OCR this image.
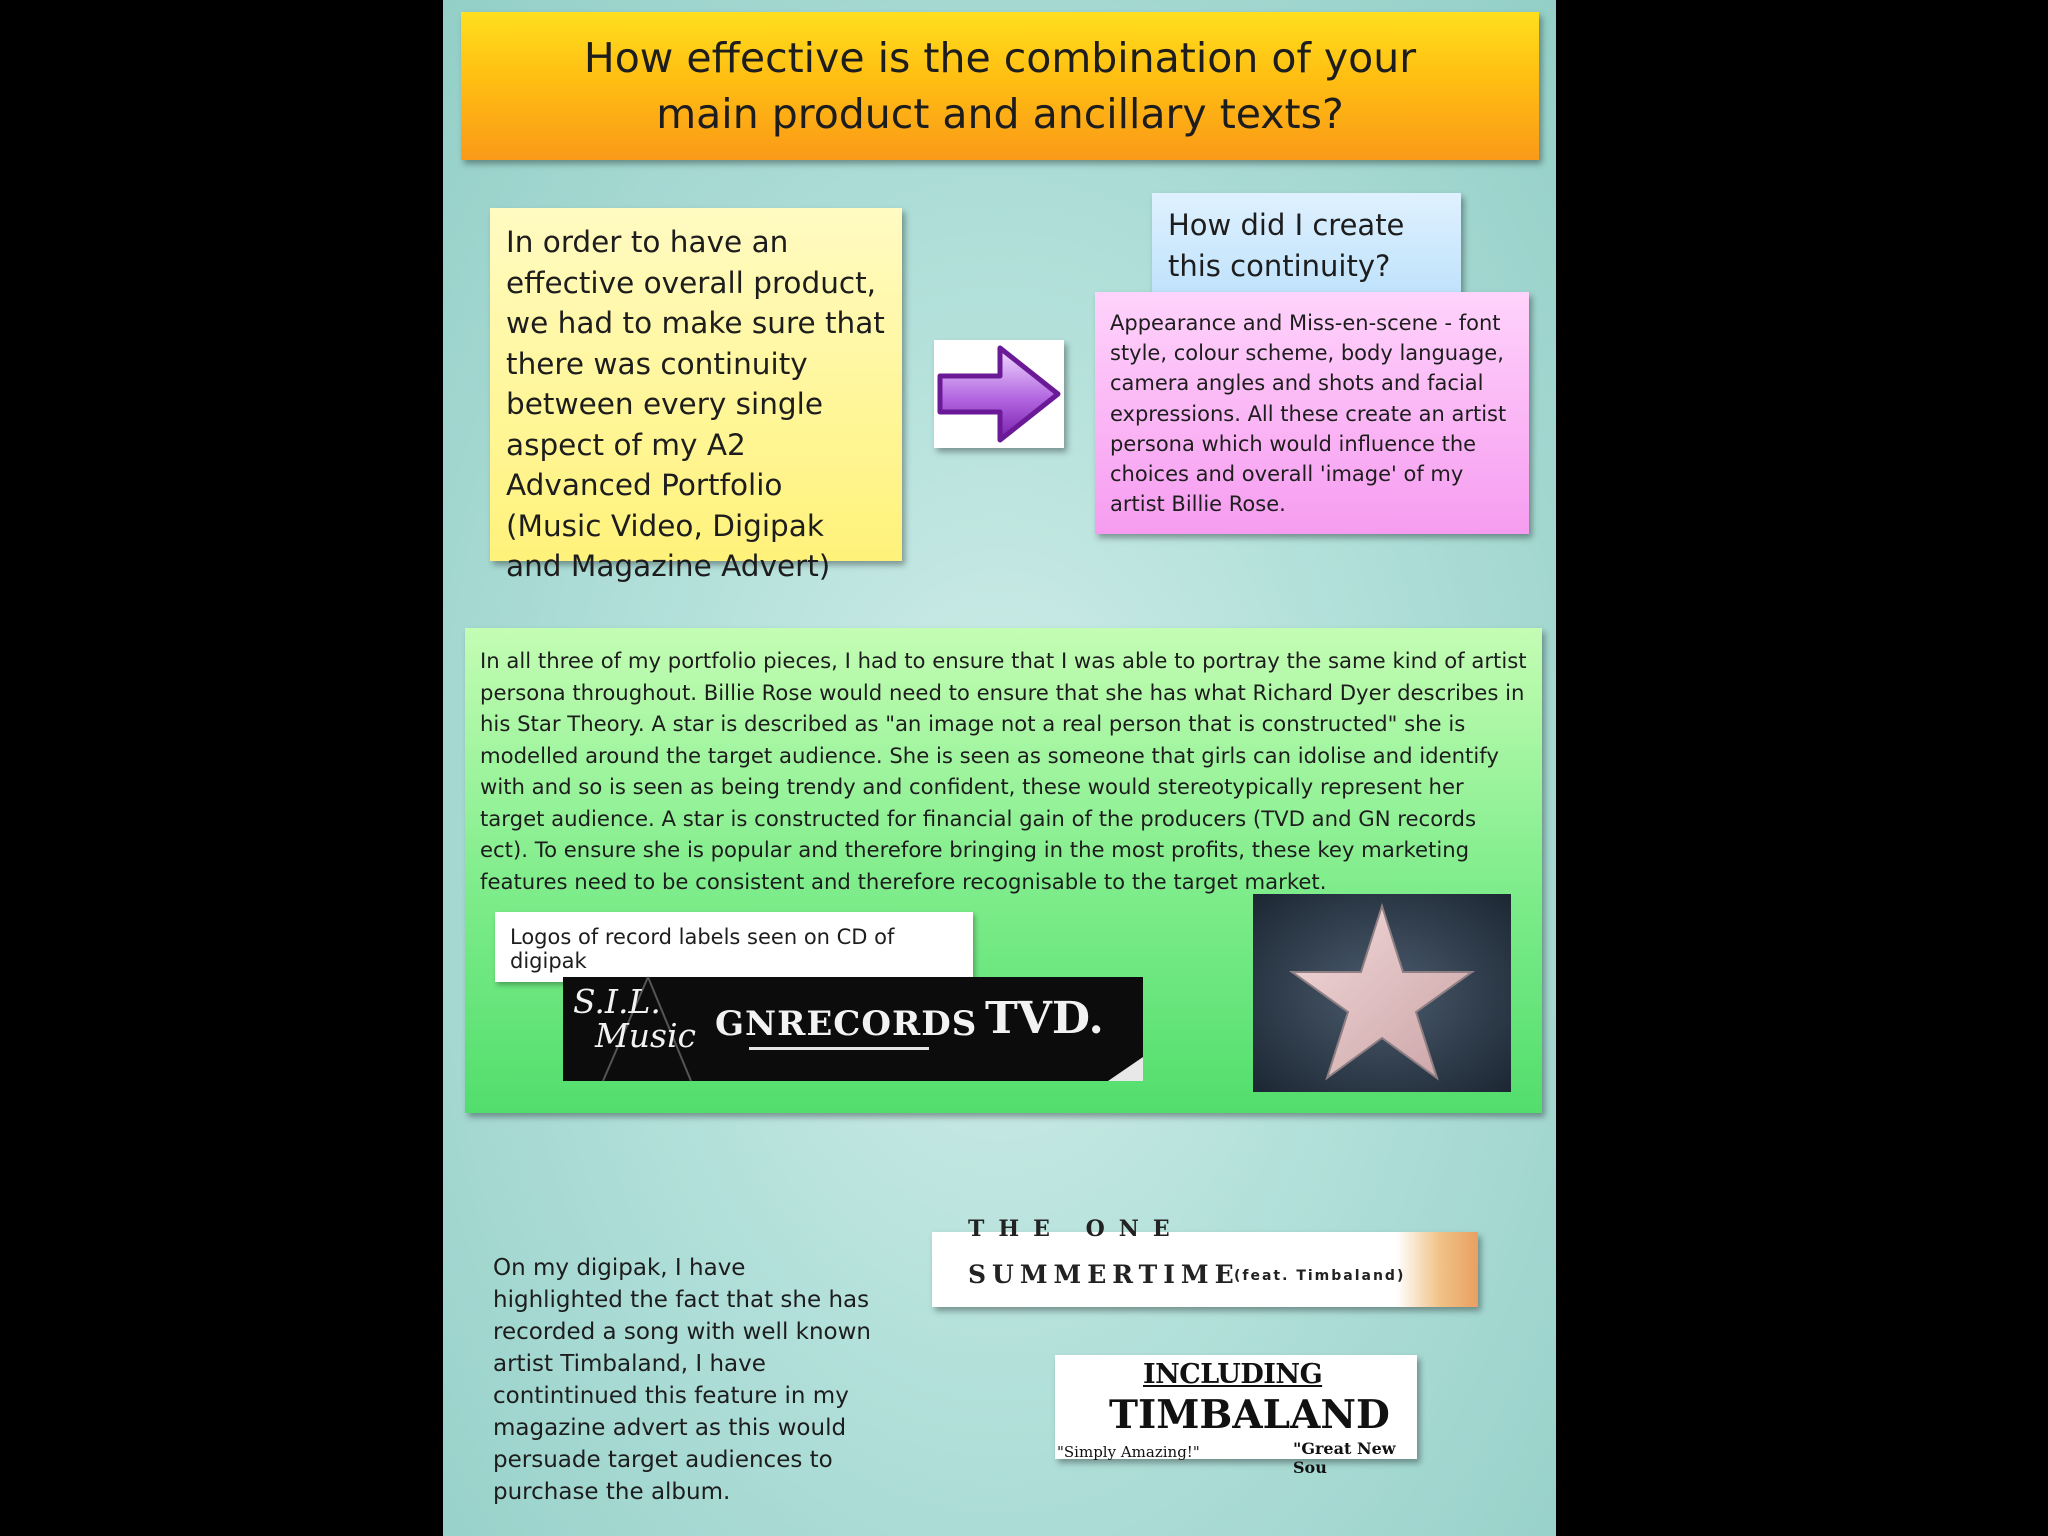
How effective is the combination of your
main product and ancillary texts?

In order to have an effective overall product, we had to make sure that there was continuity between every single aspect of my A2 Advanced Portfolio (Music Video, Digipak and Magazine Advert)

How did I create this continuity?

Appearance and Miss-en-scene - font style, colour scheme, body language, camera angles and shots and facial expressions. All these create an artist persona which would influence the choices and overall 'image' of my artist Billie Rose.

In all three of my portfolio pieces, I had to ensure that I was able to portray the same kind of artist persona throughout. Billie Rose would need to ensure that she has what Richard Dyer describes in his Star Theory. A star is described as "an image not a real person that is constructed" she is modelled around the target audience. She is seen as someone that girls can idolise and identify with and so is seen as being trendy and confident, these would stereotypically represent her target audience. A star is constructed for financial gain of the producers (TVD and GN records ect). To ensure she is popular and therefore bringing in the most profits, these key marketing features need to be consistent and therefore recognisable to the target market.

Logos of record labels seen on CD of digipak
S.I.L.
Music GNRECORDS TVD.

On my digipak, I have highlighted the fact that she has recorded a song with well known artist Timbaland, I have contintinued this feature in my magazine advert as this would persuade target audiences to purchase the album.

THE ONE
SUMMERTIME
(feat. Timbaland)
INCLUDING
TIMBALAND
"Simply Amazing!"	"Great New Sou
